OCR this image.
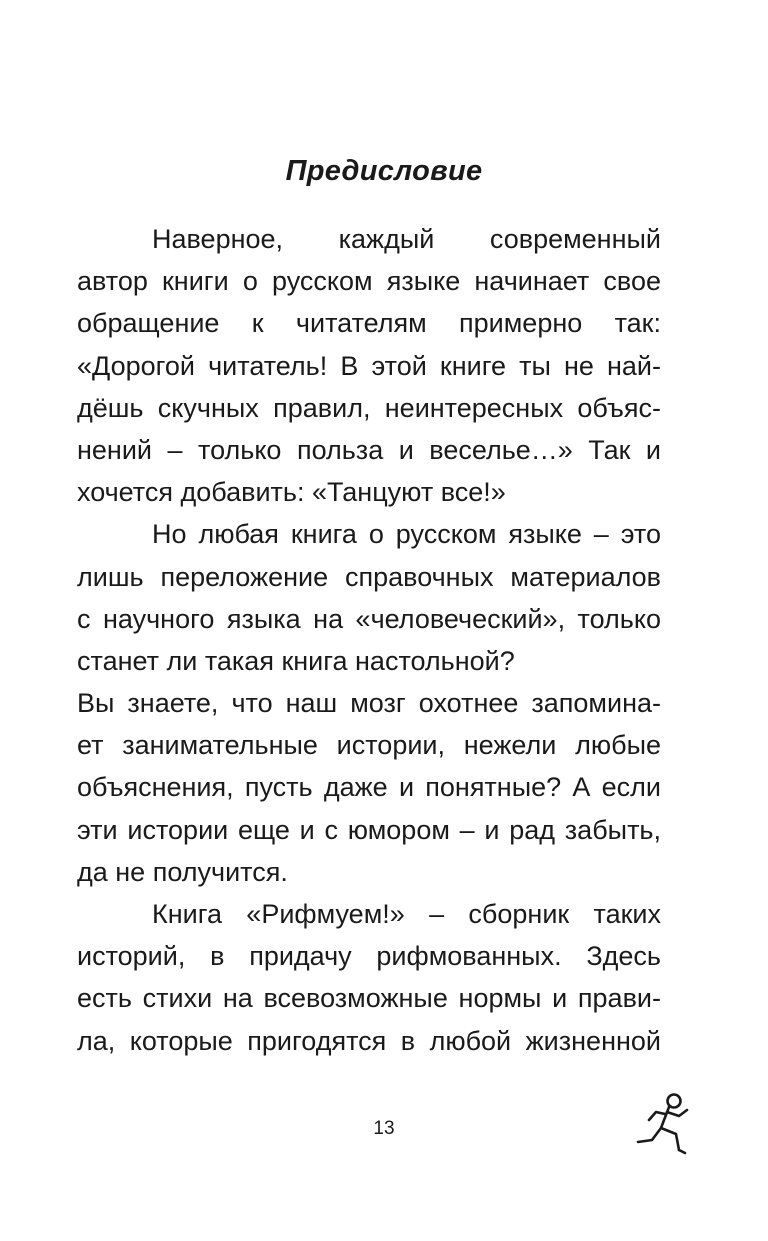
Предисловие
Наверное, каждый современный
автор книги о русском языке начинает свое
обращение к читателям примерно так:
«Дорогой читатель! В этой книге ты не най-
дёшь скучных правил, неинтересных объяс-
нений – только польза и веселье…» Так и
хочется добавить: «Танцуют все!»
Но любая книга о русском языке – это
лишь переложение справочных материалов
с научного языка на «человеческий», только
станет ли такая книга настольной?
Вы знаете, что наш мозг охотнее запомина-
ет занимательные истории, нежели любые
объяснения, пусть даже и понятные? А если
эти истории еще и с юмором – и рад забыть,
да не получится.
Книга «Рифмуем!» – сборник таких
историй, в придачу рифмованных. Здесь
есть стихи на всевозможные нормы и прави-
ла, которые пригодятся в любой жизненной

13
